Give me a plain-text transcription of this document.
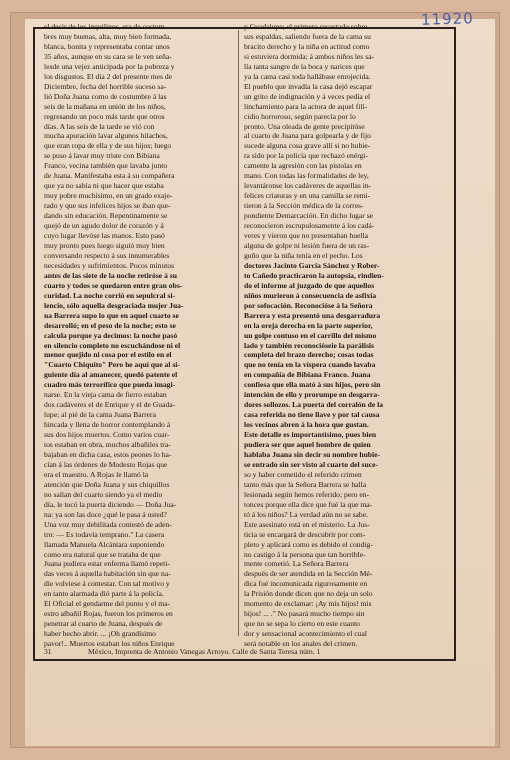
11920
el decir de los inquilinos, era de costum-
bres muy buenas, alta, muy bien formada,
blanca, bonita y representaba contar unos
35 años, aunque en su cara se le ven seña-
lesde una vejez anticipada por la pobreza y
los disgustos. El día 2 del presente mes de
Diciembre, fecha del horrible suceso sa-
lió Doña Juana como de costumbre á las
seis de la mañana en unión de los niños,
regresando un poco más tarde que otros
días. A las seis de la tarde se vió con
mucha apuración lavar algunos hilachos,
que eran ropa de ella y de sus hijos; luego
se puso á lavar muy triste con Bibiana
Franco, vecina también que lavaba junto
de Juana. Manifestaba esta á su compañera
que ya no sabía ni que hacer que estaba
muy pobre muchísimo, en un grado exaje-
rado y que sus infelices hijos se iban que-
dando sin educación. Repentinamente se
quejó de un agudo dolor de corazón y á
cuyo lugar llevóse las manos. Esto pasó
muy pronto pues luego siguió muy bien
conversando respecto á sus innumerables
necesidades y sufrimientos. Pocos minutos
antes de las siete de la noche retiróse á su
cuarto y todos se quedaron entre gran obs-
curidad. La noche corrió en sepulcral si-
lencio, sólo aquella desgraciada mujer Jua-
na Barrera supo lo que en aquel cuarto se
desarrolló; en el peso de la noche; esto se
calcula porque ya decimos: la noche pasó
en silencio completo no escuchándose ni el
menor quejido ni cosa por el estilo en el
"Cuarto Chiquito" Pero he aquí que al si-
guiente día al amanecer, quedó patente el
cuadro más terrorífico que pueda imagi-
narse. En la vieja cama de fierro estaban
dos cadáveres el de Enrique y el de Guada-
lupe; al pié de la cama Juana Barrera
hincada y llena de horror contemplando á
sus dos hijos muertos. Como varios cuar-
tos estaban en obra, muchos albañiles tra-
bajaban en dicha casa, estos peones lo ha-
cían á las órdenes de Modesto Rojas que
era el maestro. A Rojas le llamó la
atención que Doña Juana y sus chiquillos
no salían del cuarto siendo ya el medio
día, le tocó la puerta diciendo — Doña Jua-
na: ya son las doce ¿qué le pasa á usted?
Una voz muy debilitada contestó de aden-
tro: — Es todavía temprano." La casera
llamada Manuela Alcántara suponiendo
como era natural que se trataba de que
Juana pudiera estar enferma llamó repeti-
das veces á aquella habitación sin que na-
die volviese á contestar. Con tal motivo y
en tanto alarmada dió parte á la policía.
El Oficial el gendarme del punto y el ma-
estro albañil Rojas, fueron los primeros en
penetrar al cuarto de Juana, después de
haber hecho abrir. ... ¡Oh grandísimo
pavor!.. Muertos estaban los niños Enrique
y Guadalupe; el primero recostado sobre
sus espaldas, saliendo fuera de la cama su
bracito derecho y la niña en actitud como
si estuviera dormida; á ambos niños les sa-
lía tanta sangre de la boca y narices que
ya la cama casi toda hallábase enrojecida.
El pueblo que invadía la casa dejó escapar
un grito de indignación y á veces pedía el
linchamiento para la actora de aquel filí-
cidio horroroso, según parecía por lo
pronto. Una oleada de gente precipitóse
al cuarto de Juana para golpearla y de fijo
sucede alguna cosa grave allí si no hubie-
ra sido por la policía que rechazó enérgi-
camente la agresión con las pistolas en
mano. Con todas las formalidades de ley,
levantáronse los cadáveres de aquellas in-
felices criaturas y en una camilla se remi-
tieron á la Sección médica de la corres-
pondiente Demarcación. En dicho lugar se
reconocieron escrupulosamente á los cadá-
veres y vieron que no presentaban huella
alguna de golpe ni lesión fuera de un ras-
guño que la niña tenía en el pecho. Los
doctores Jacinto García Sánchez y Rober-
to Cañedo practicaron la autopsia, rindien-
do el informe al juzgado de que aquellos
niños murieron á consecuencia de asfixia
por sofocación. Reconocióse á la Señora
Barrera y esta presentó una desgarradura
en la oreja derecha en la parte superior,
un golpe contuso en el carrillo del mismo
lado y también reconocióseie la parálisis
completa del brazo derecho; cosas todas
que no tenía en la víspera cuando lavaba
en compañía de Bibiana Franco. Juana
confiesa que ella mató á sus hijos, pero sin
intención de ello y prorumpe en desgarra-
dores sollozos. La puerta del corralón de la
casa referida no tiene llave y por tal causa
los vecinos abren á la hora que gustan.
Este detalle es importantísimo, pues bien
pudiera ser que aquel hombre de quien
hablaba Juana sin decir su nombre hubie-
se entrado sin ser visto al cuarto del suce-
so y haber cometido el referido crimen
tanto más que la Señora Barrera se halla
lesionada según hemos referido; pero en-
tonces porque ella dice que fué la que ma-
tó á los niños? La verdad aún no se sabe.
Este asesinato está en el misterio. La Jus-
ticia se encargará de descubrir por com-
pleto y aplicará como es debido el condig-
no castigo á la persona que tan horrible-
mente cometió. La Señora Barrera
después de ser atendida en la Sección Mé-
dica fué incomunicada rigurosamente en
la Prisión donde dicen que no deja un solo
momento de exclamar: ¡Ay mis hijos! mis
hijos! ... ." No pasará mucho tiempo sin
que no se sepa lo cierto en este cuanto
dor y sensacional acontecimiento el cual
será notable en los anales del crimen.
31	México, Imprenta de Antonio Vanegas Arroyo. Calle de Santa Teresa núm. 1
